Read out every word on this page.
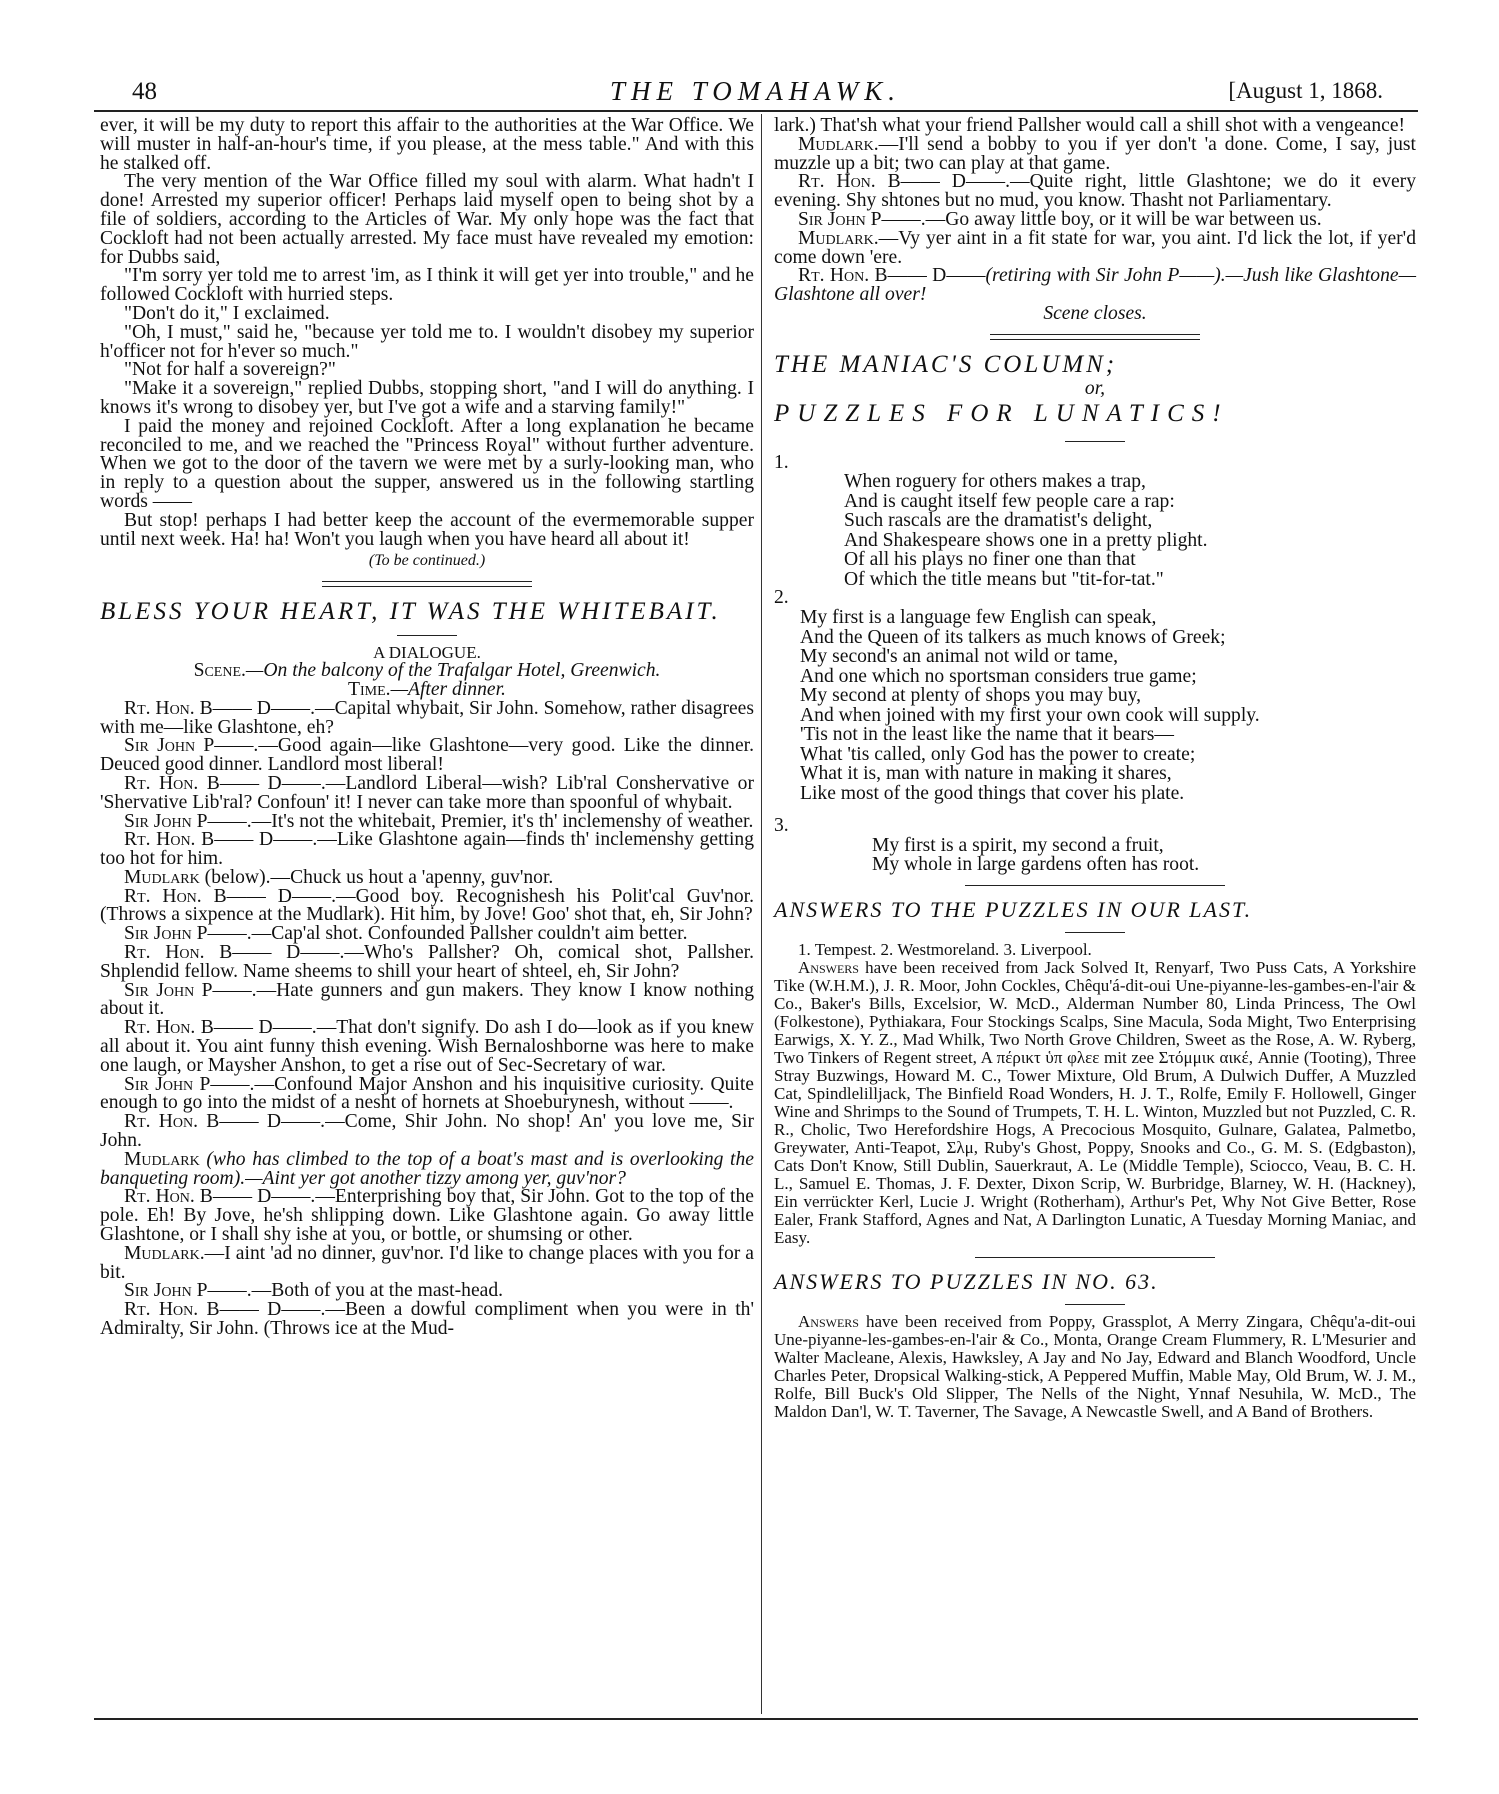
48	THE TOMAHAWK.	[August 1, 1868.

ever, it will be my duty to report this affair to the authorities at the War Office. We will muster in half-an-hour's time, if you please, at the mess table." And with this he stalked off.

The very mention of the War Office filled my soul with alarm. What hadn't I done! Arrested my superior officer! Perhaps laid myself open to being shot by a file of soldiers, according to the Articles of War. My only hope was the fact that Cockloft had not been actually arrested. My face must have revealed my emotion: for Dubbs said,

"I'm sorry yer told me to arrest 'im, as I think it will get yer into trouble," and he followed Cockloft with hurried steps.

"Don't do it," I exclaimed.

"Oh, I must," said he, "because yer told me to. I wouldn't disobey my superior h'officer not for h'ever so much."

"Not for half a sovereign?"

"Make it a sovereign," replied Dubbs, stopping short, "and I will do anything. I knows it's wrong to disobey yer, but I've got a wife and a starving family!"

I paid the money and rejoined Cockloft. After a long explanation he became reconciled to me, and we reached the "Princess Royal" without further adventure. When we got to the door of the tavern we were met by a surly-looking man, who in reply to a question about the supper, answered us in the following startling words ——

But stop! perhaps I had better keep the account of the evermemorable supper until next week. Ha! ha! Won't you laugh when you have heard all about it!

(To be continued.)

BLESS YOUR HEART, IT WAS THE WHITEBAIT.

A DIALOGUE.

Scene.—On the balcony of the Trafalgar Hotel, Greenwich.

Time.—After dinner.

Rt. Hon. B—— D——.—Capital whybait, Sir John. Somehow, rather disagrees with me—like Glashtone, eh?

Sir John P——.—Good again—like Glashtone—very good. Like the dinner. Deuced good dinner. Landlord most liberal!

Rt. Hon. B—— D——.—Landlord Liberal—wish? Lib'ral Conshervative or 'Shervative Lib'ral? Confoun' it! I never can take more than spoonful of whybait.

Sir John P——.—It's not the whitebait, Premier, it's th' inclemenshy of weather.

Rt. Hon. B—— D——.—Like Glashtone again—finds th' inclemenshy getting too hot for him.

Mudlark (below).—Chuck us hout a 'apenny, guv'nor.

Rt. Hon. B—— D——.—Good boy. Recognishesh his Polit'cal Guv'nor. (Throws a sixpence at the Mudlark). Hit him, by Jove! Goo' shot that, eh, Sir John?

Sir John P——.—Cap'al shot. Confounded Pallsher couldn't aim better.

Rt. Hon. B—— D——.—Who's Pallsher? Oh, comical shot, Pallsher. Shplendid fellow. Name sheems to shill your heart of shteel, eh, Sir John?

Sir John P——.—Hate gunners and gun makers. They know I know nothing about it.

Rt. Hon. B—— D——.—That don't signify. Do ash I do—look as if you knew all about it. You aint funny thish evening. Wish Bernaloshborne was here to make one laugh, or Maysher Anshon, to get a rise out of Sec-Secretary of war.

Sir John P——.—Confound Major Anshon and his inquisitive curiosity. Quite enough to go into the midst of a nesht of hornets at Shoeburynesh, without ——.

Rt. Hon. B—— D——.—Come, Shir John. No shop! An' you love me, Sir John.

Mudlark (who has climbed to the top of a boat's mast and is overlooking the banqueting room).—Aint yer got another tizzy among yer, guv'nor?

Rt. Hon. B—— D——.—Enterprishing boy that, Sir John. Got to the top of the pole. Eh! By Jove, he'sh shlipping down. Like Glashtone again. Go away little Glashtone, or I shall shy ishe at you, or bottle, or shumsing or other.

Mudlark.—I aint 'ad no dinner, guv'nor. I'd like to change places with you for a bit.

Sir John P——.—Both of you at the mast-head.

Rt. Hon. B—— D——.—Been a dowful compliment when you were in th' Admiralty, Sir John. (Throws ice at the Mud-

lark.) That'sh what your friend Pallsher would call a shill shot with a vengeance!

Mudlark.—I'll send a bobby to you if yer don't 'a done. Come, I say, just muzzle up a bit; two can play at that game.

Rt. Hon. B—— D——.—Quite right, little Glashtone; we do it every evening. Shy shtones but no mud, you know. Thasht not Parliamentary.

Sir John P——.—Go away little boy, or it will be war between us.

Mudlark.—Vy yer aint in a fit state for war, you aint. I'd lick the lot, if yer'd come down 'ere.

Rt. Hon. B—— D——(retiring with Sir John P——).—Jush like Glashtone—Glashtone all over!

Scene closes.

THE MANIAC'S COLUMN;

or,

PUZZLES FOR LUNATICS!

1.

When roguery for others makes a trap,
And is caught itself few people care a rap:
Such rascals are the dramatist's delight,
And Shakespeare shows one in a pretty plight.
Of all his plays no finer one than that
Of which the title means but "tit-for-tat."

2.

My first is a language few English can speak,
And the Queen of its talkers as much knows of Greek;
My second's an animal not wild or tame,
And one which no sportsman considers true game;
My second at plenty of shops you may buy,
And when joined with my first your own cook will supply.
'Tis not in the least like the name that it bears—
What 'tis called, only God has the power to create;
What it is, man with nature in making it shares,
Like most of the good things that cover his plate.

3.

My first is a spirit, my second a fruit,
My whole in large gardens often has root.

ANSWERS TO THE PUZZLES IN OUR LAST.

1. Tempest. 2. Westmoreland. 3. Liverpool.

Answers have been received from Jack Solved It, Renyarf, Two Puss Cats, A Yorkshire Tike (W.H.M.), J. R. Moor, John Cockles, Chêqu'á-dit-oui Une-piyanne-les-gambes-en-l'air & Co., Baker's Bills, Excelsior, W. McD., Alderman Number 80, Linda Princess, The Owl (Folkestone), Pythiakara, Four Stockings Scalps, Sine Macula, Soda Might, Two Enterprising Earwigs, X. Y. Z., Mad Whilk, Two North Grove Children, Sweet as the Rose, A. W. Ryberg, Two Tinkers of Regent street, A πέρικτ ὑπ φλεε mit zee Στόμμικ αικέ, Annie (Tooting), Three Stray Buzwings, Howard M. C., Tower Mixture, Old Brum, A Dulwich Duffer, A Muzzled Cat, Spindlelilljack, The Binfield Road Wonders, H. J. T., Rolfe, Emily F. Hollowell, Ginger Wine and Shrimps to the Sound of Trumpets, T. H. L. Winton, Muzzled but not Puzzled, C. R. R., Cholic, Two Herefordshire Hogs, A Precocious Mosquito, Gulnare, Galatea, Palmetbo, Greywater, Anti-Teapot, Σλμ, Ruby's Ghost, Poppy, Snooks and Co., G. M. S. (Edgbaston), Cats Don't Know, Still Dublin, Sauerkraut, A. Le (Middle Temple), Sciocco, Veau, B. C. H. L., Samuel E. Thomas, J. F. Dexter, Dixon Scrip, W. Burbridge, Blarney, W. H. (Hackney), Ein verrückter Kerl, Lucie J. Wright (Rotherham), Arthur's Pet, Why Not Give Better, Rose Ealer, Frank Stafford, Agnes and Nat, A Darlington Lunatic, A Tuesday Morning Maniac, and Easy.

ANSWERS TO PUZZLES IN NO. 63.

Answers have been received from Poppy, Grassplot, A Merry Zingara, Chêqu'a-dit-oui Une-piyanne-les-gambes-en-l'air & Co., Monta, Orange Cream Flummery, R. L'Mesurier and Walter Macleane, Alexis, Hawksley, A Jay and No Jay, Edward and Blanch Woodford, Uncle Charles Peter, Dropsical Walking-stick, A Peppered Muffin, Mable May, Old Brum, W. J. M., Rolfe, Bill Buck's Old Slipper, The Nells of the Night, Ynnaf Nesuhila, W. McD., The Maldon Dan'l, W. T. Taverner, The Savage, A Newcastle Swell, and A Band of Brothers.
